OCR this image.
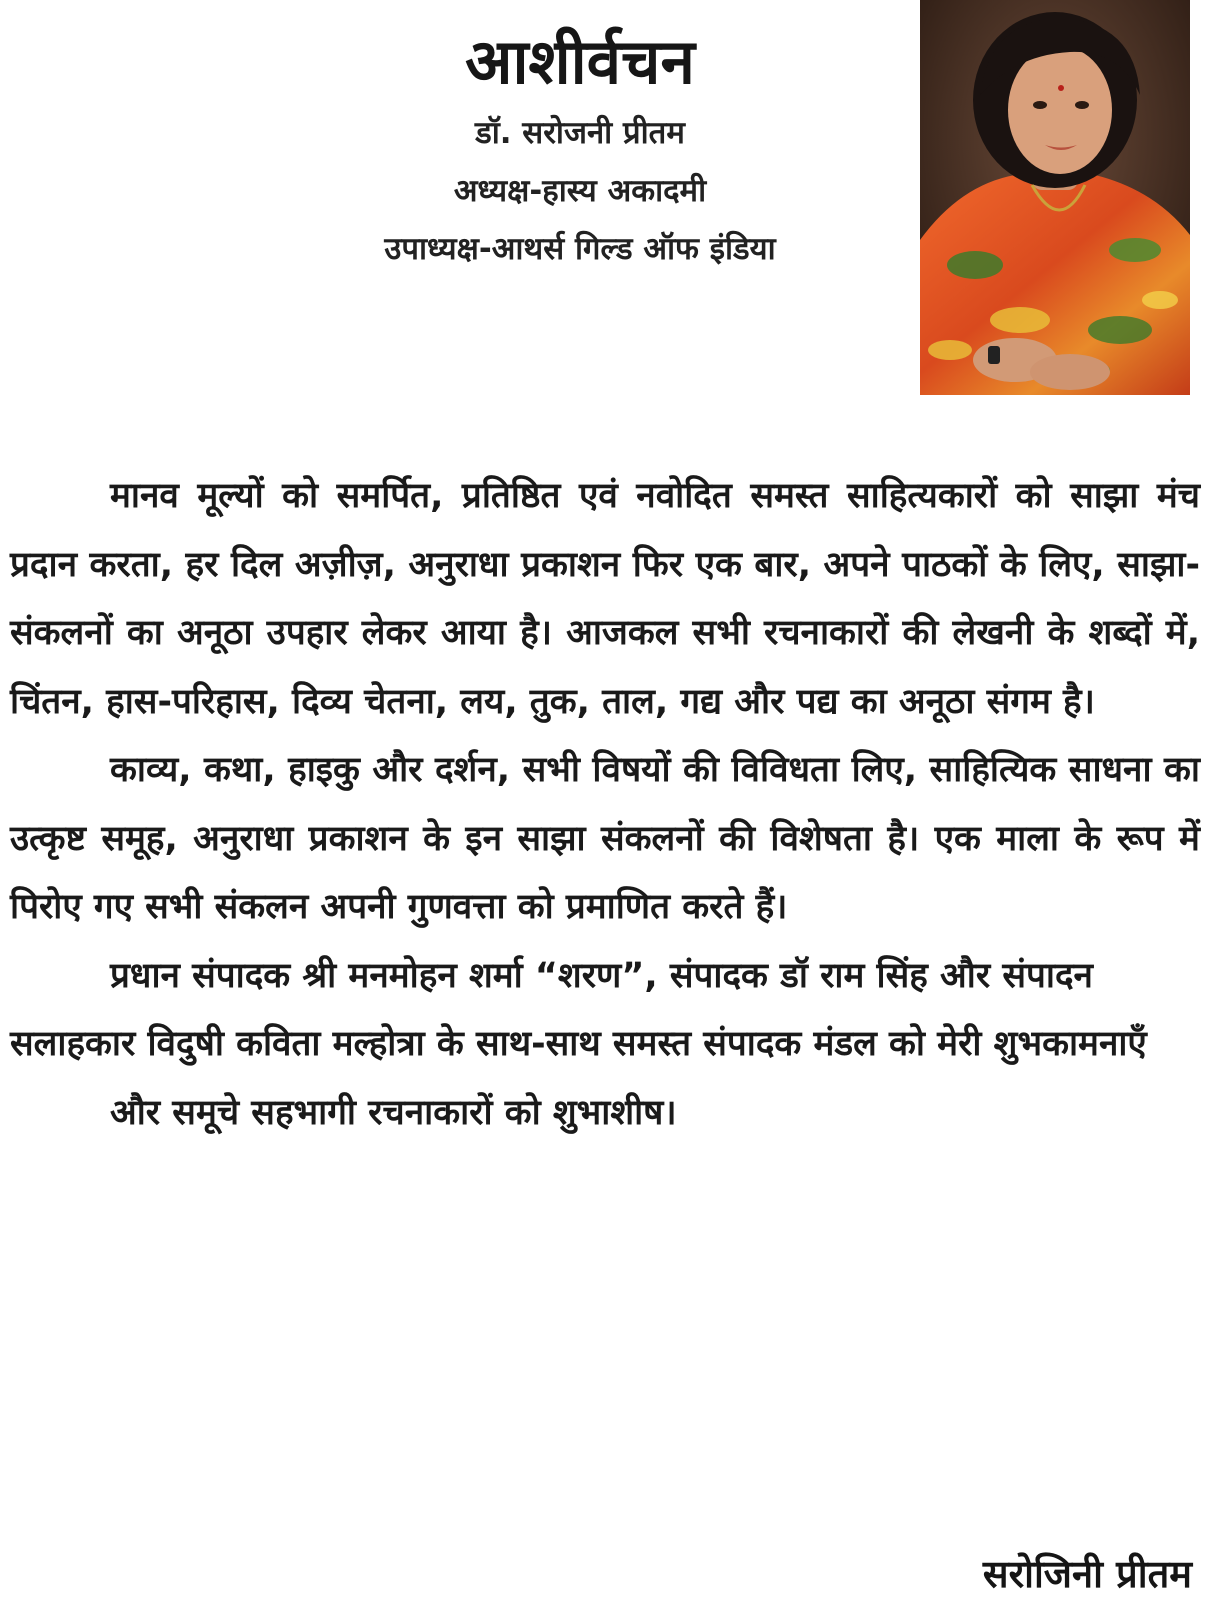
आशीर्वचन

डॉ. सरोजनी प्रीतम

अध्यक्ष-हास्य अकादमी

उपाध्यक्ष-आथर्स गिल्ड ऑफ इंडिया

मानव मूल्यों को समर्पित, प्रतिष्ठित एवं नवोदित समस्त साहित्यकारों को साझा मंच प्रदान करता, हर दिल अज़ीज़, अनुराधा प्रकाशन फिर एक बार, अपने पाठकों के लिए, साझा-संकलनों का अनूठा उपहार लेकर आया है। आजकल सभी रचनाकारों की लेखनी के शब्दों में, चिंतन, हास-परिहास, दिव्य चेतना, लय, तुक, ताल, गद्य और पद्य का अनूठा संगम है।

काव्य, कथा, हाइकु और दर्शन, सभी विषयों की विविधता लिए, साहित्यिक साधना का उत्कृष्ट समूह, अनुराधा प्रकाशन के इन साझा संकलनों की विशेषता है। एक माला के रूप में पिरोए गए सभी संकलन अपनी गुणवत्ता को प्रमाणित करते हैं।

प्रधान संपादक श्री मनमोहन शर्मा “शरण”, संपादक डॉ राम सिंह और संपादन सलाहकार विदुषी कविता मल्होत्रा के साथ-साथ समस्त संपादक मंडल को मेरी शुभकामनाएँ

और समूचे सहभागी रचनाकारों को शुभाशीष।

सरोजिनी प्रीतम
